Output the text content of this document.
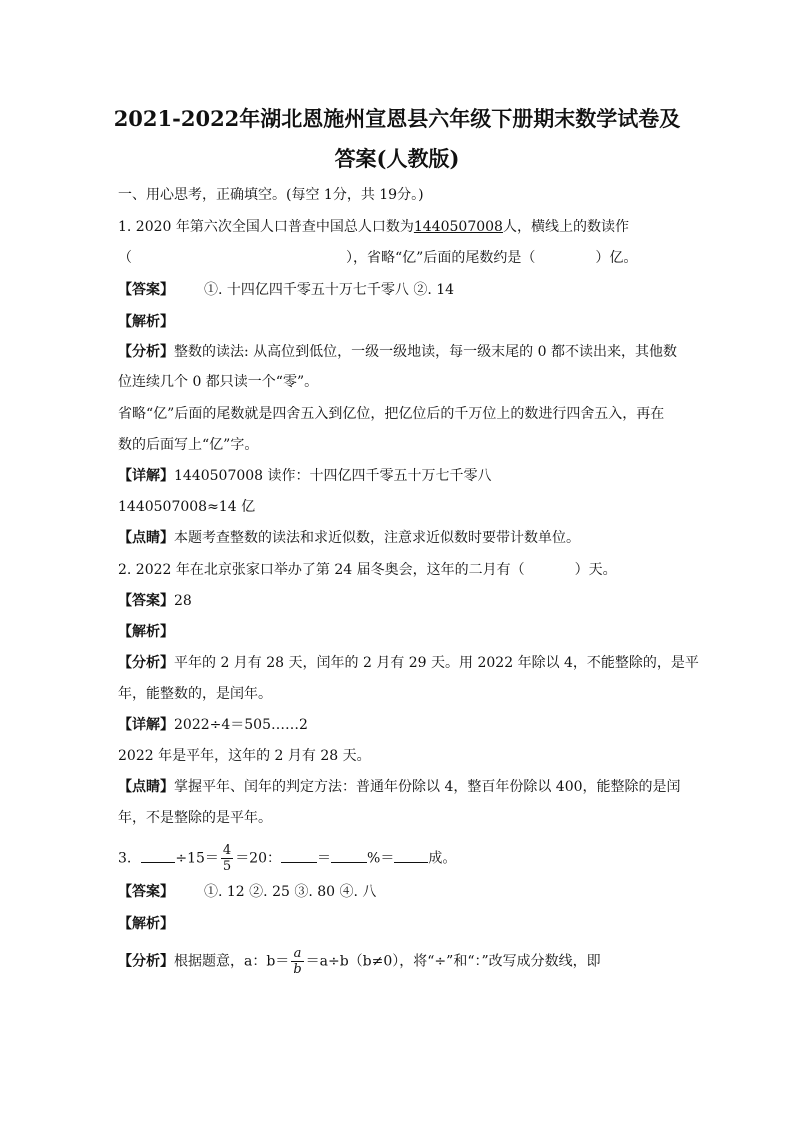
2021-2022年湖北恩施州宣恩县六年级下册期末数学试卷及
答案(人教版)
一、用心思考，正确填空。(每空 1分，共 19分。)
1. 2020 年第六次全国人口普查中国总人口数为1440507008人，横线上的数读作
（	），省略“亿”后面的尾数约是（	）亿。
【答案】 ①. 十四亿四千零五十万七千零八 ②. 14
【解析】
【分析】整数的读法: 从高位到低位，一级一级地读，每一级末尾的 0 都不读出来，其他数
位连续几个 0 都只读一个“零”。
省略“亿”后面的尾数就是四舍五入到亿位，把亿位后的千万位上的数进行四舍五入，再在
数的后面写上“亿”字。
【详解】1440507008 读作：十四亿四千零五十万七千零八
1440507008≈14 亿
【点睛】本题考查整数的读法和求近似数，注意求近似数时要带计数单位。
2. 2022 年在北京张家口举办了第 24 届冬奥会，这年的二月有（	）天。
【答案】28
【解析】
【分析】平年的 2 月有 28 天，闰年的 2 月有 29 天。用 2022 年除以 4，不能整除的，是平
年，能整数的，是闰年。
【详解】2022÷4＝505……2
2022 年是平年，这年的 2 月有 28 天。
【点睛】掌握平年、闰年的判定方法：普通年份除以 4，整百年份除以 400，能整除的是闰
年，不是整除的是平年。
3.	$\div 15= \frac{4}{5} =20$：	＝	%＝ 成。
【答案】 ①. 12 ②. 25 ③. 80 ④. 八
【解析】
【分析】根据题意，a：$b= \frac{a}{b} =a\div b(b\ne 0)$，将“÷”和“：”改写成分数线，即
